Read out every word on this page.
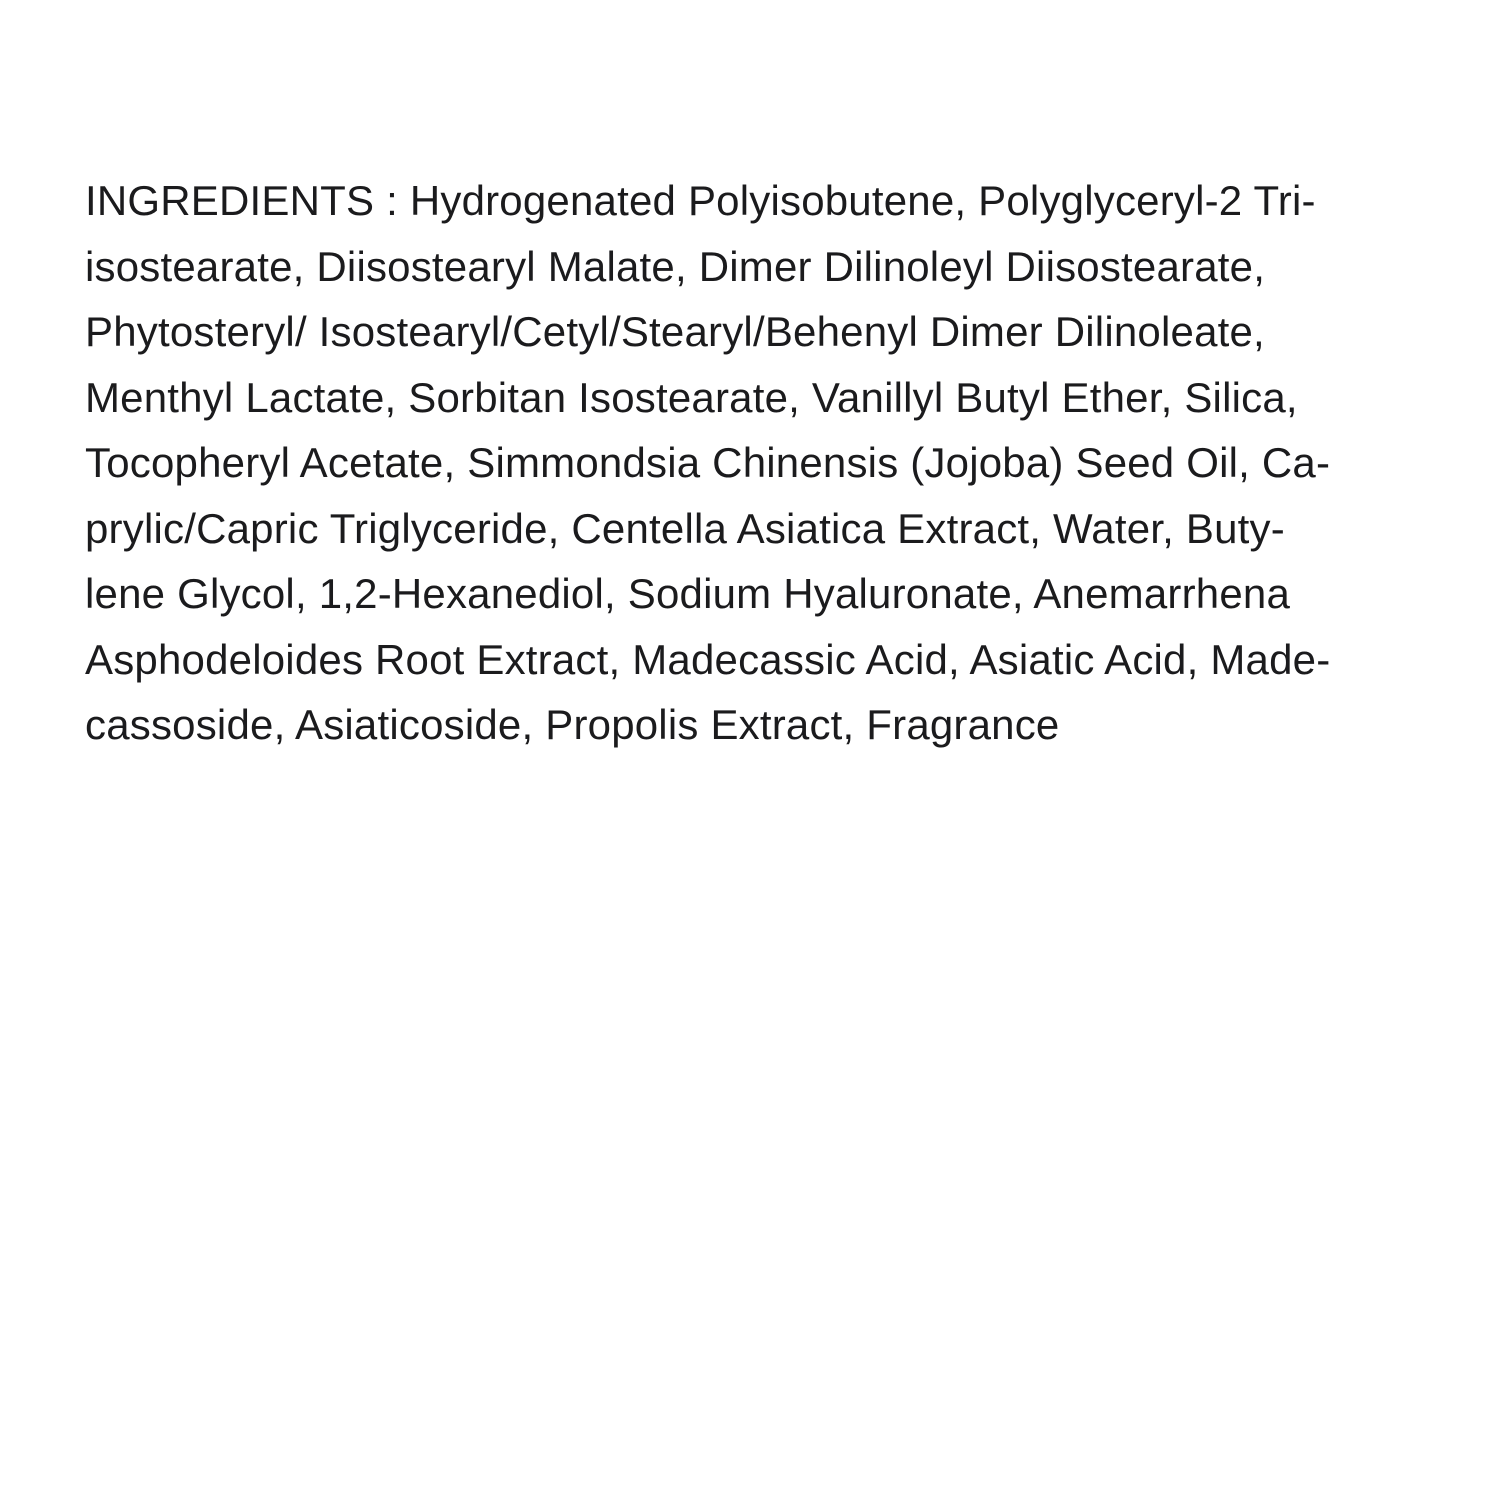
INGREDIENTS : Hydrogenated Polyisobutene, Polyglyceryl-2 Tri-
isostearate, Diisostearyl Malate, Dimer Dilinoleyl Diisostearate,
Phytosteryl/ Isostearyl/Cetyl/Stearyl/Behenyl Dimer Dilinoleate,
Menthyl Lactate, Sorbitan Isostearate, Vanillyl Butyl Ether, Silica,
Tocopheryl Acetate, Simmondsia Chinensis (Jojoba) Seed Oil, Ca-
prylic/Capric Triglyceride, Centella Asiatica Extract, Water, Buty-
lene Glycol, 1,2-Hexanediol, Sodium Hyaluronate, Anemarrhena
Asphodeloides Root Extract, Madecassic Acid, Asiatic Acid, Made-
cassoside, Asiaticoside, Propolis Extract, Fragrance
